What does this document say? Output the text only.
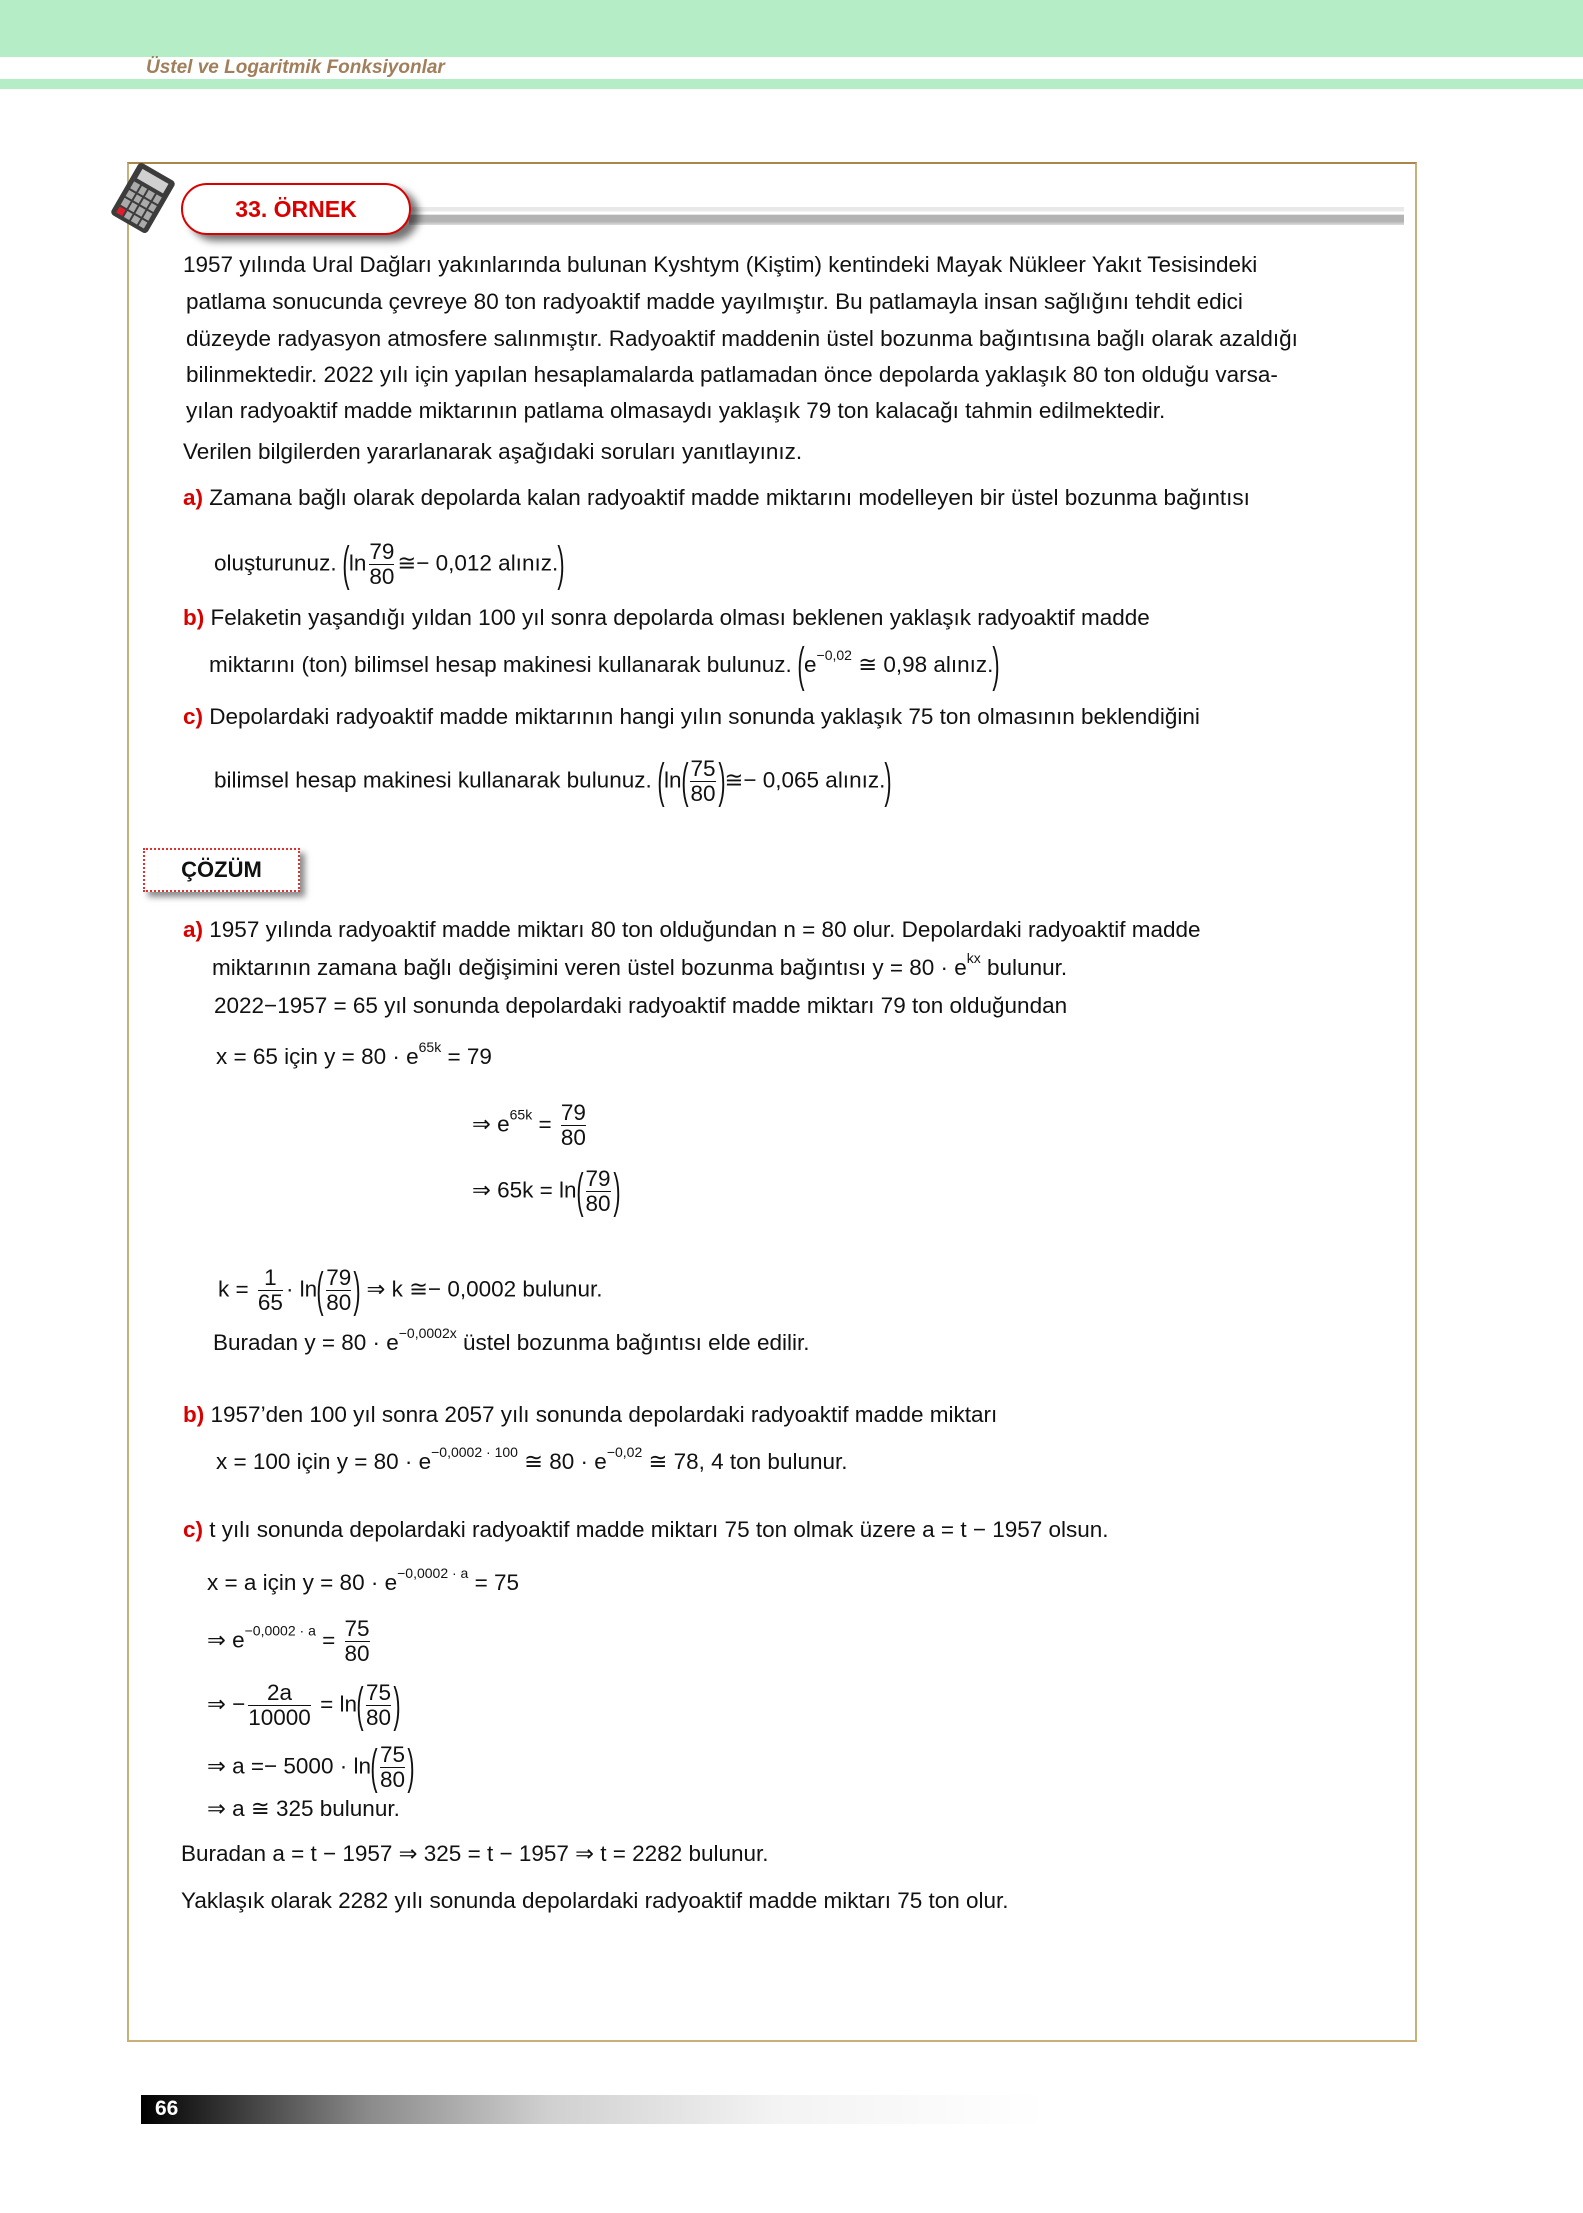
Üstel ve Logaritmik Fonksiyonlar
33. ÖRNEK
1957 yılında Ural Dağları yakınlarında bulunan Kyshtym (Kiştim) kentindeki Mayak Nükleer Yakıt Tesisindeki
patlama sonucunda çevreye 80 ton radyoaktif madde yayılmıştır. Bu patlamayla insan sağlığını tehdit edici
düzeyde radyasyon atmosfere salınmıştır. Radyoaktif maddenin üstel bozunma bağıntısına bağlı olarak azaldığı
bilinmektedir. 2022 yılı için yapılan hesaplamalarda patlamadan önce depolarda yaklaşık 80 ton olduğu varsa-
yılan radyoaktif madde miktarının patlama olmasaydı yaklaşık 79 ton kalacağı tahmin edilmektedir.
Verilen bilgilerden yararlanarak aşağıdaki soruları yanıtlayınız.
a) Zamana bağlı olarak depolarda kalan radyoaktif madde miktarını modelleyen bir üstel bozunma bağıntısı
oluşturunuz. ($\ln \frac{79}{80}$ ≅− 0,012 alınız.)
b) Felaketin yaşandığı yıldan 100 yıl sonra depolarda olması beklenen yaklaşık radyoaktif madde
miktarını (ton) bilimsel hesap makinesi kullanarak bulunuz. ($e^{-0,02}$ ≅ 0,98 alınız.)
c) Depolardaki radyoaktif madde miktarının hangi yılın sonunda yaklaşık 75 ton olmasının beklendiğini
bilimsel hesap makinesi kullanarak bulunuz. ($\ln( \frac{75}{80}$ )≅− 0,065 alınız.)
ÇÖZÜM
a) 1957 yılında radyoaktif madde miktarı 80 ton olduğundan n = 80 olur. Depolardaki radyoaktif madde
miktarının zamana bağlı değişimini veren üstel bozunma bağıntısı $y = 80 \cdot e^{kx}$ bulunur.
2022−1957 = 65 yıl sonunda depolardaki radyoaktif madde miktarı 79 ton olduğundan
x = 65 için $y = 80 \cdot e^{65k} = 79$
⇒ $e^{65k} = \frac{79}{80}$
⇒ $65k = \ln( \frac{79}{80}$ )
$k = \frac{1}{65} \cdot \ln( \frac{79}{80}$ ) ⇒ k ≅− 0,0002 bulunur.
Buradan $y = 80 \cdot e^{-0,0002x}$ üstel bozunma bağıntısı elde edilir.
b) 1957’den 100 yıl sonra 2057 yılı sonunda depolardaki radyoaktif madde miktarı
x = 100 için $y = 80 \cdot e^{-0,0002 \cdot 100}$ ≅ $80 \cdot e^{-0,02}$ ≅ 78, 4 ton bulunur.
c) t yılı sonunda depolardaki radyoaktif madde miktarı 75 ton olmak üzere a = t − 1957 olsun.
x = a için $y = 80 \cdot e^{-0,0002 \cdot a} = 75$
⇒ $e^{-0,0002 \cdot a} = \frac{75}{80}$
⇒ − $\frac{2a}{10000} = \ln( \frac{75}{80}$ )
⇒ $a =- 5000 \cdot \ln( \frac{75}{80}$ )
⇒ a ≅ 325 bulunur.
Buradan a = t − 1957 ⇒ 325 = t − 1957 ⇒ t = 2282 bulunur.
Yaklaşık olarak 2282 yılı sonunda depolardaki radyoaktif madde miktarı 75 ton olur.
66
